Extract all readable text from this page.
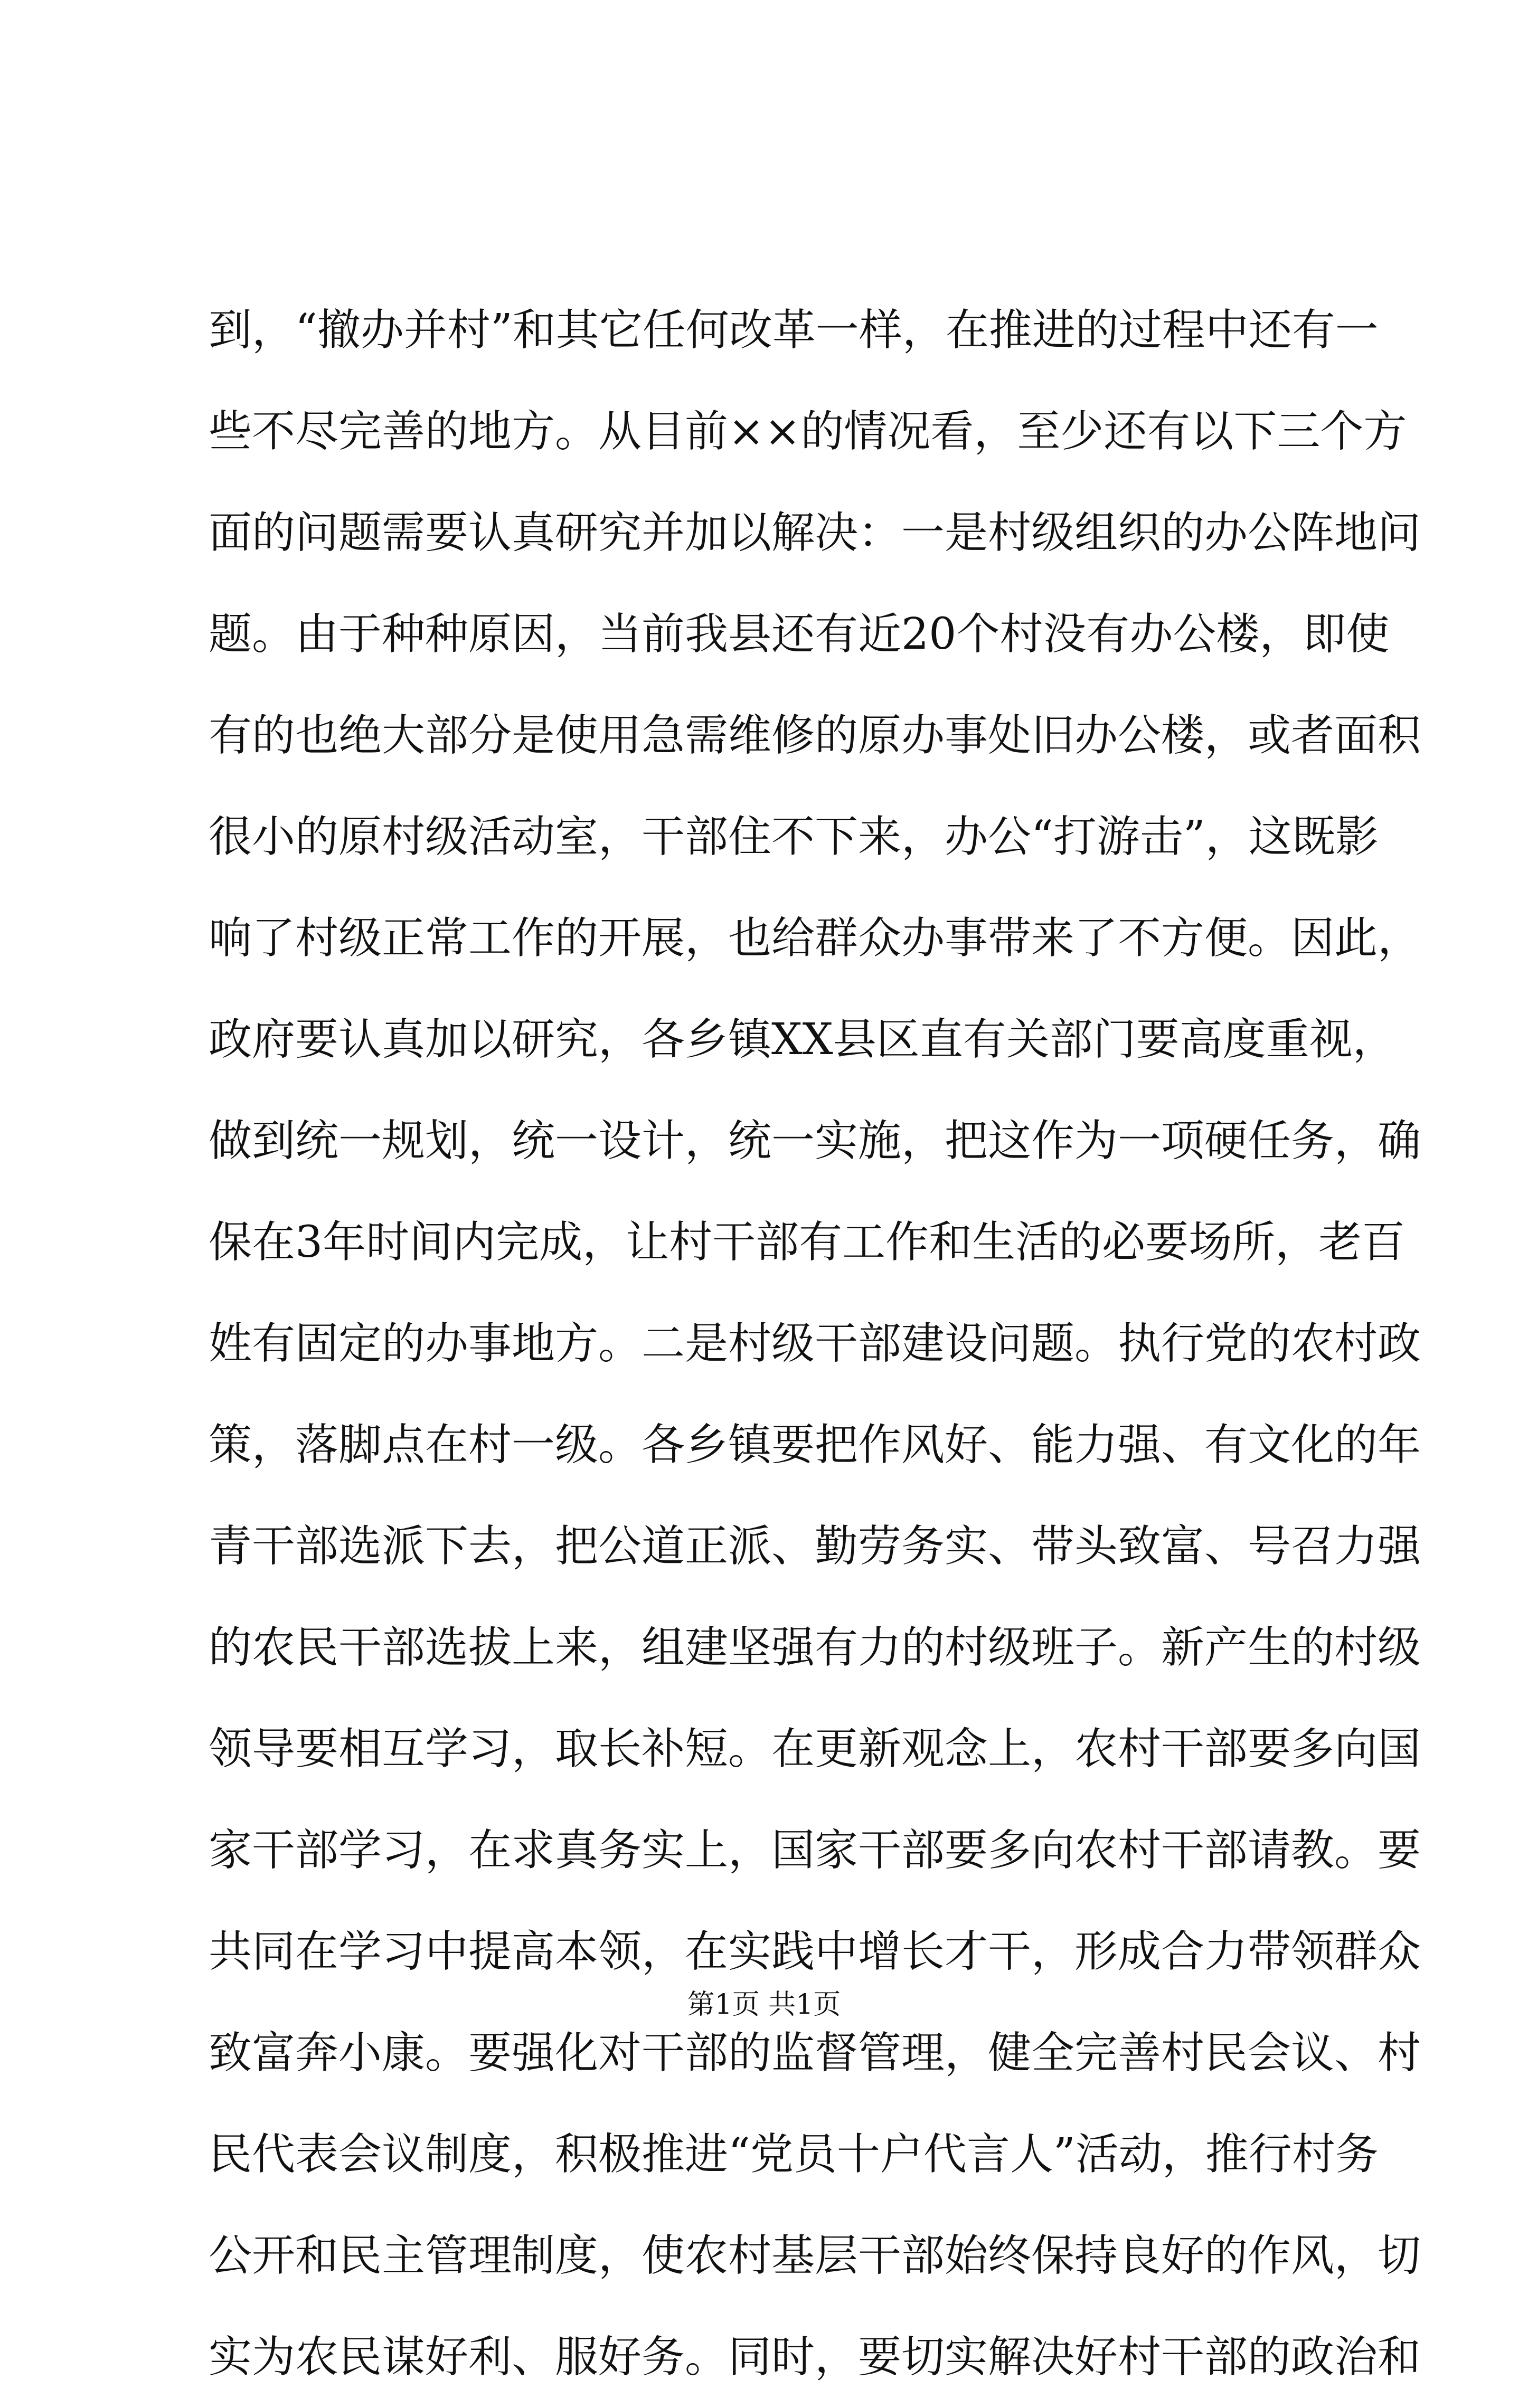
到，“撤办并村”和其它任何改革一样，在推进的过程中还有一
些不尽完善的地方。从目前××的情况看，至少还有以下三个方
面的问题需要认真研究并加以解决：一是村级组织的办公阵地问
题。由于种种原因，当前我县还有近20个村没有办公楼，即使
有的也绝大部分是使用急需维修的原办事处旧办公楼，或者面积
很小的原村级活动室，干部住不下来，办公“打游击”，这既影
响了村级正常工作的开展，也给群众办事带来了不方便。因此，
政府要认真加以研究，各乡镇XX县区直有关部门要高度重视，
做到统一规划，统一设计，统一实施，把这作为一项硬任务，确
保在3年时间内完成，让村干部有工作和生活的必要场所，老百
姓有固定的办事地方。二是村级干部建设问题。执行党的农村政
策，落脚点在村一级。各乡镇要把作风好、能力强、有文化的年
青干部选派下去，把公道正派、勤劳务实、带头致富、号召力强
的农民干部选拔上来，组建坚强有力的村级班子。新产生的村级
领导要相互学习，取长补短。在更新观念上，农村干部要多向国
家干部学习，在求真务实上，国家干部要多向农村干部请教。要
共同在学习中提高本领，在实践中增长才干，形成合力带领群众
致富奔小康。要强化对干部的监督管理，健全完善村民会议、村
民代表会议制度，积极推进“党员十户代言人”活动，推行村务
公开和民主管理制度，使农村基层干部始终保持良好的作风，切
实为农民谋好利、服好务。同时，要切实解决好村干部的政治和
第1页 共1页
